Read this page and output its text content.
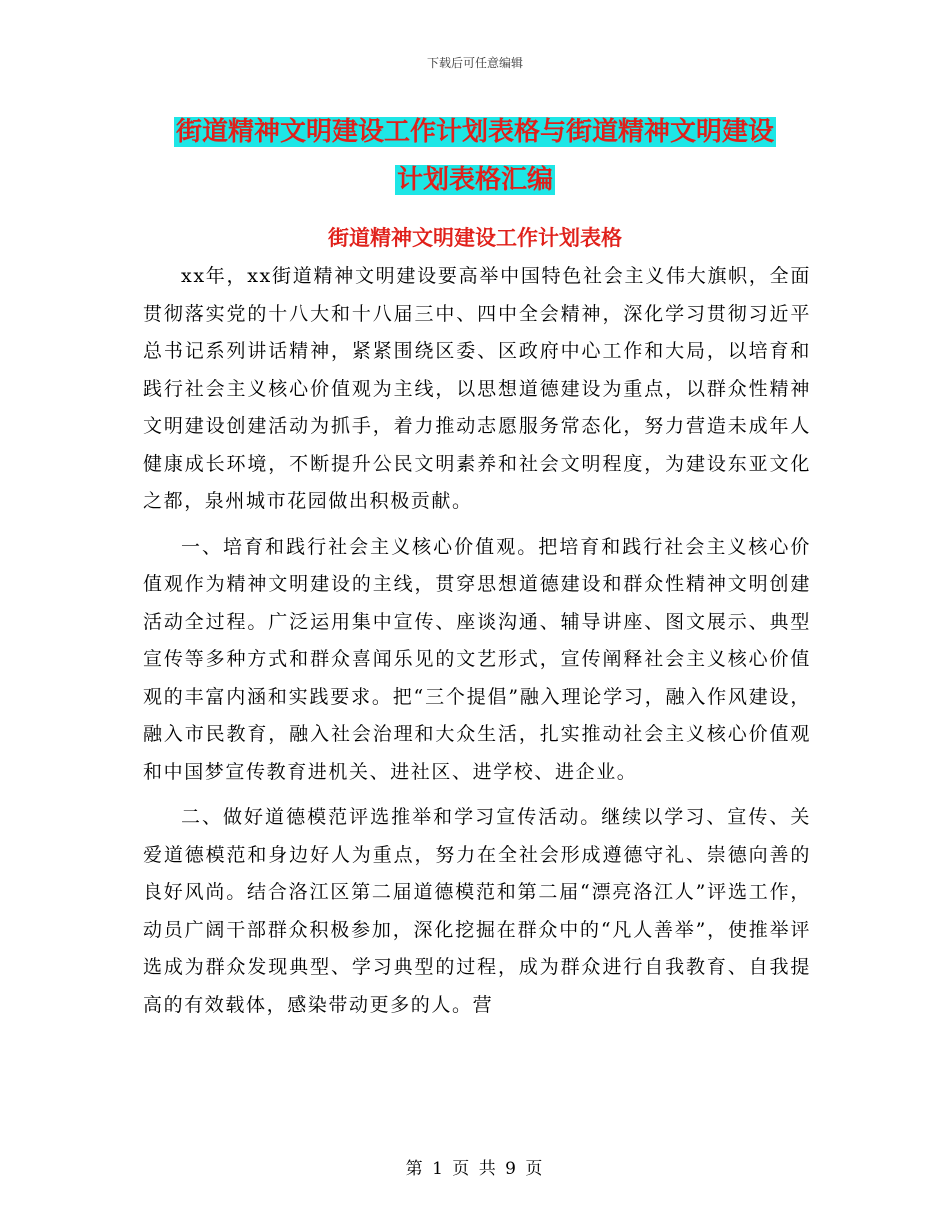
下载后可任意编辑
街道精神文明建设工作计划表格与街道精神文明建设
计划表格汇编
街道精神文明建设工作计划表格

xx年，xx街道精神文明建设要高举中国特色社会主义伟大旗帜，全面贯彻落实党的十八大和十八届三中、四中全会精神，深化学习贯彻习近平总书记系列讲话精神，紧紧围绕区委、区政府中心工作和大局，以培育和践行社会主义核心价值观为主线，以思想道德建设为重点，以群众性精神文明建设创建活动为抓手，着力推动志愿服务常态化，努力营造未成年人健康成长环境，不断提升公民文明素养和社会文明程度，为建设东亚文化之都，泉州城市花园做出积极贡献。

一、培育和践行社会主义核心价值观。把培育和践行社会主义核心价值观作为精神文明建设的主线，贯穿思想道德建设和群众性精神文明创建活动全过程。广泛运用集中宣传、座谈沟通、辅导讲座、图文展示、典型宣传等多种方式和群众喜闻乐见的文艺形式，宣传阐释社会主义核心价值观的丰富内涵和实践要求。把“三个提倡”融入理论学习，融入作风建设，融入市民教育，融入社会治理和大众生活，扎实推动社会主义核心价值观和中国梦宣传教育进机关、进社区、进学校、进企业。

二、做好道德模范评选推举和学习宣传活动。继续以学习、宣传、关爱道德模范和身边好人为重点，努力在全社会形成遵德守礼、崇德向善的良好风尚。结合洛江区第二届道德模范和第二届“漂亮洛江人”评选工作，动员广阔干部群众积极参加，深化挖掘在群众中的“凡人善举”，使推举评选成为群众发现典型、学习典型的过程，成为群众进行自我教育、自我提高的有效载体，感染带动更多的人。营

第 1 页 共 9 页
